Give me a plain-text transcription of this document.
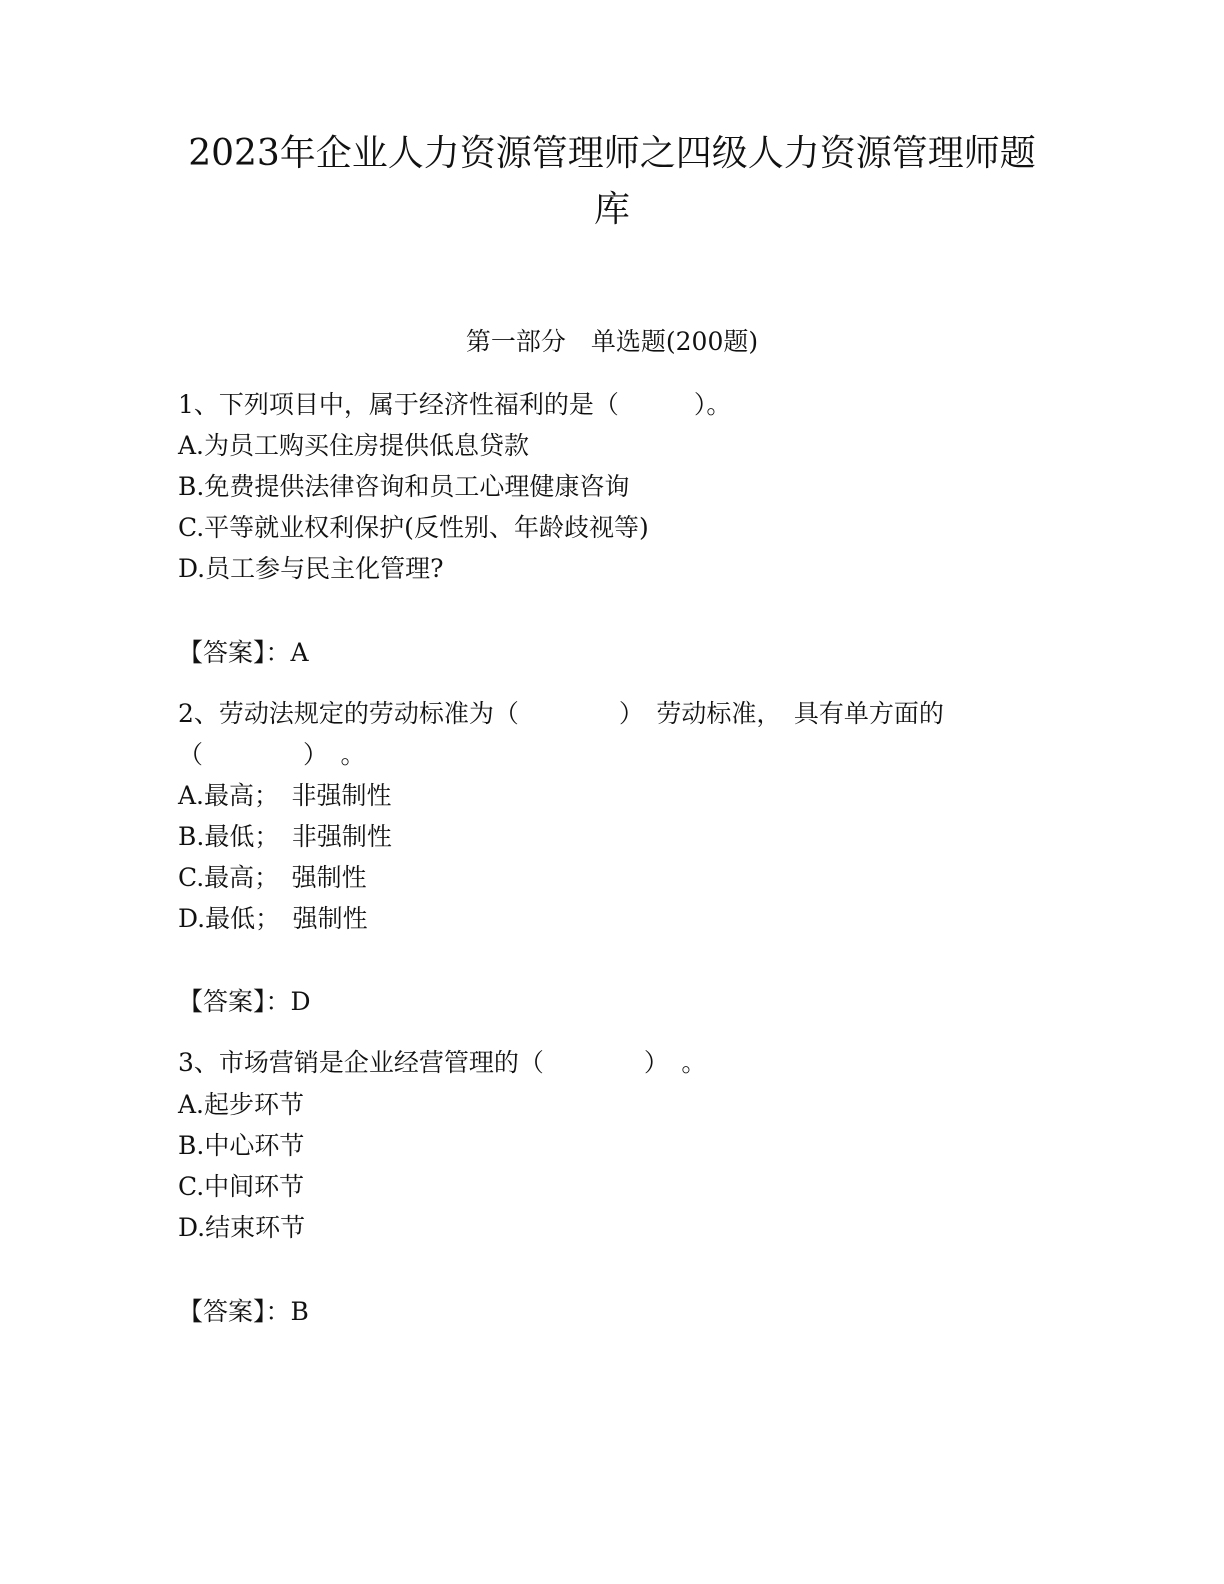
2023年企业人力资源管理师之四级人力资源管理师题
库
第一部分　单选题(200题)
1、下列项目中，属于经济性福利的是（　　　）。
A.为员工购买住房提供低息贷款
B.免费提供法律咨询和员工心理健康咨询
C.平等就业权利保护(反性别、年龄歧视等)
D.员工参与民主化管理?
【答案】：A
2、劳动法规定的劳动标准为（　　　　）　劳动标准，　具有单方面的
（　　　　）　。
A.最高；　非强制性
B.最低；　非强制性
C.最高；　强制性
D.最低；　强制性
【答案】：D
3、市场营销是企业经营管理的（　　　　）　。
A.起步环节
B.中心环节
C.中间环节
D.结束环节
【答案】：B
